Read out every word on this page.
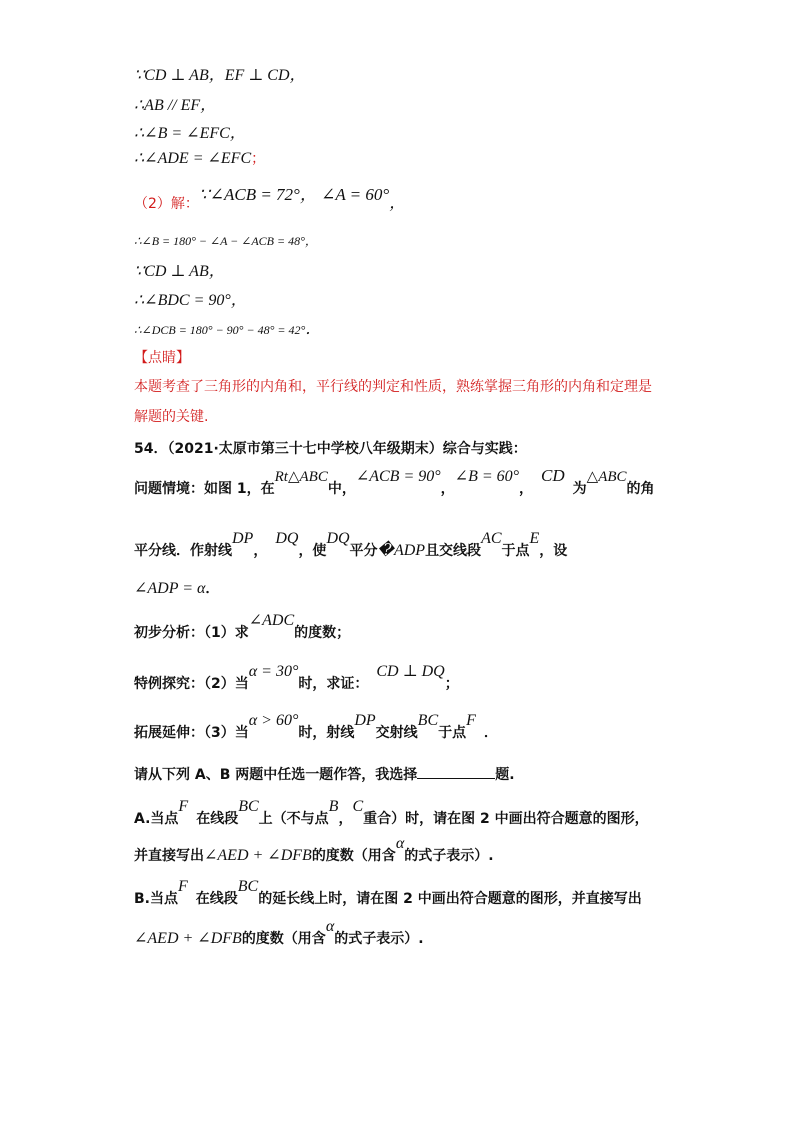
∵CD ⊥ AB，EF ⊥ CD，
∴AB // EF，
∴∠B = ∠EFC，
∴∠ADE = ∠EFC；
（2）解：∵∠ACB = 72°， ∠A = 60°，
∴∠B = 180° − ∠A − ∠ACB = 48°，
∵CD ⊥ AB，
∴∠BDC = 90°，
∴∠DCB = 180° − 90° − 48° = 42°．
【点睛】
本题考查了三角形的内角和，平行线的判定和性质，熟练掌握三角形的内角和定理是
解题的关键.
54．（2021·太原市第三十七中学校八年级期末）综合与实践：
问题情境：如图 1，在Rt△ABC中，∠ACB = 90°，∠B = 60°，CD为△ABC的角
平分线．作射线DP，DQ，使DQ平分�ADP且交线段AC于点E，设
∠ADP = α．
初步分析：（1）求∠ADC的度数；
特例探究：（2）当α = 30°时，求证：CD ⊥ DQ；
拓展延伸：（3）当α > 60°时，射线DP交射线BC于点F．
请从下列 A、B 两题中任选一题作答，我选择	题.
A.当点F在线段BC上（不与点B，C重合）时，请在图 2 中画出符合题意的图形，
并直接写出∠AED + ∠DFB的度数（用含α的式子表示）.
B.当点F在线段BC的延长线上时，请在图 2 中画出符合题意的图形，并直接写出
∠AED + ∠DFB的度数（用含α的式子表示）.
